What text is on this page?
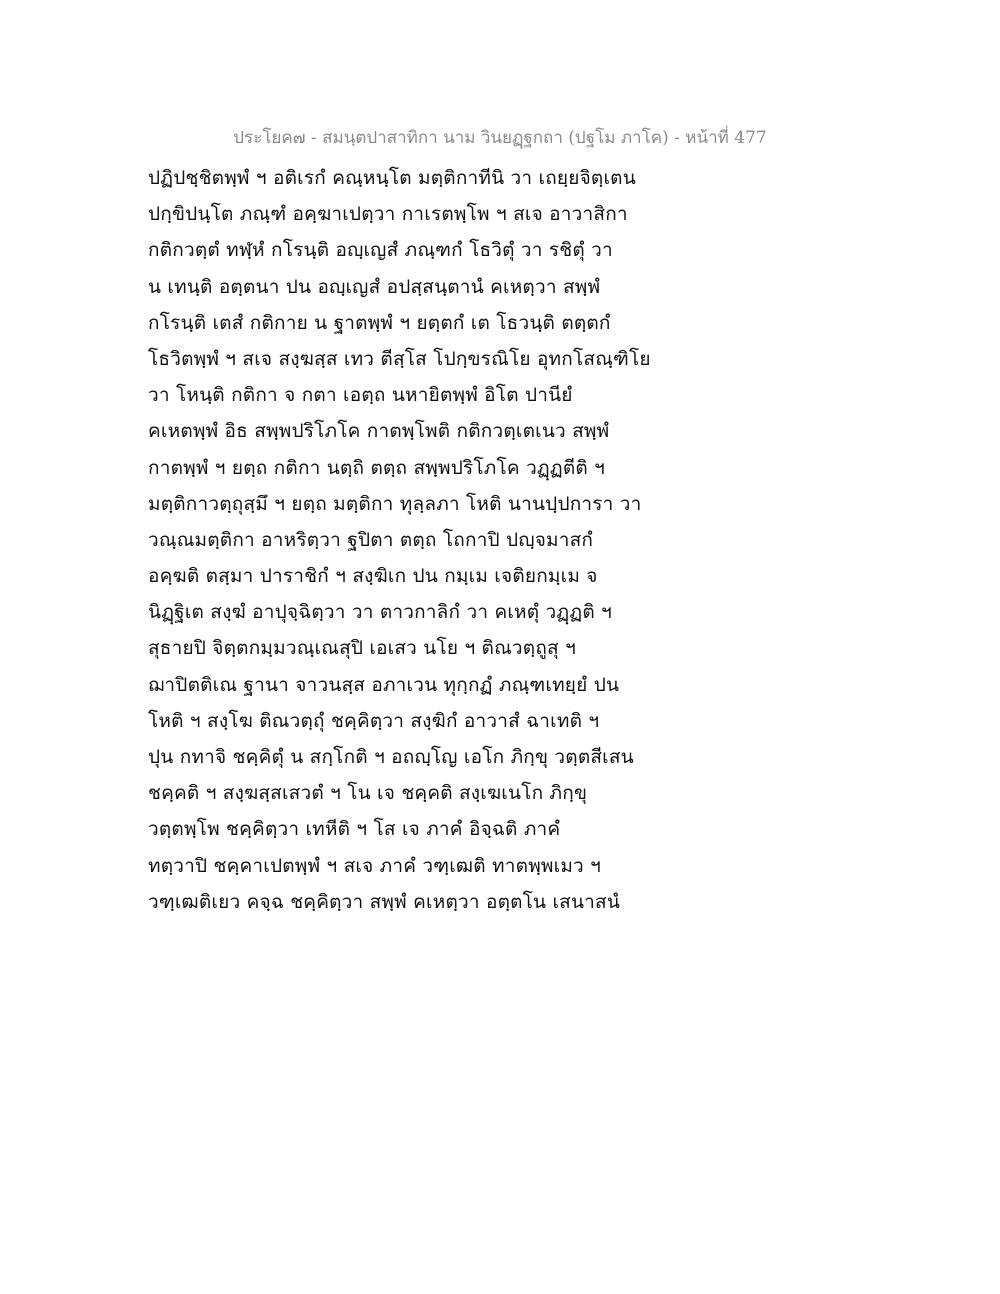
ประโยค๗ - สมนฺตปาสาทิกา นาม วินยฏฺฐกถา (ปฐโม ภาโค) - หน้าที่ 477
ปฏิปชฺชิตพฺพํ ฯ อติเรกํ คณฺหนฺโต มตฺติกาทีนิ วา เถยฺยจิตฺเตน
ปกฺขิปนฺโต ภณฺฑํ อคฺฆาเปตฺวา กาเรตพฺโพ ฯ สเจ อาวาสิกา
กติกวตฺตํ ทฬฺหํ กโรนฺติ อญฺเญสํ ภณฺฑกํ โธวิตุํ วา รชิตุํ วา
น เทนฺติ อตฺตนา ปน อญฺเญสํ อปสฺสนฺตานํ คเหตฺวา สพฺพํ
กโรนฺติ เตสํ กติกาย น ฐาตพฺพํ ฯ ยตฺตกํ เต โธวนฺติ ตตฺตกํ
โธวิตพฺพํ ฯ สเจ สงฺฆสฺส เทว ตีสฺโส โปกฺขรณิโย อุทกโสณฺฑิโย
วา โหนฺติ กติกา จ กตา เอตฺถ นหายิตพฺพํ อิโต ปานียํ
คเหตพฺพํ อิธ สพฺพปริโภโค กาตพฺโพติ กติกวตฺเตเนว สพฺพํ
กาตพฺพํ ฯ ยตฺถ กติกา นตฺถิ ตตฺถ สพฺพปริโภโค วฏฺฏตีติ ฯ
มตฺติกาวตฺถุสฺมึ ฯ ยตฺถ มตฺติกา ทุลฺลภา โหติ นานปฺปการา วา
วณฺณมตฺติกา อาหริตฺวา ฐปิตา ตตฺถ โถกาปิ ปญฺจมาสกํ
อคฺฆติ ตสฺมา ปาราชิกํ ฯ สงฺฆิเก ปน กมฺเม เจติยกมฺเม จ
นิฏฺฐิเต สงฺฆํ อาปุจฺฉิตฺวา วา ตาวกาลิกํ วา คเหตุํ วฏฺฏติ ฯ
สุธายปิ จิตฺตกมฺมวณฺเณสุปิ เอเสว นโย ฯ ติณวตฺถูสุ ฯ
ฌาปิตติเณ ฐานา จาวนสฺส อภาเวน ทุกฺกฏํ ภณฺฑเทยฺยํ ปน
โหติ ฯ สงฺโฆ ติณวตฺถุํ ชคฺคิตฺวา สงฺฆิกํ อาวาสํ ฉาเทติ ฯ
ปุน กทาจิ ชคฺคิตุํ น สกฺโกติ ฯ อถญฺโญ เอโก ภิกฺขุ วตฺตสีเสน
ชคฺคติ ฯ สงฺฆสฺสเสวตํ ฯ โน เจ ชคฺคติ สงฺเฆเนโก ภิกฺขุ
วตฺตพฺโพ ชคฺคิตฺวา เทหีติ ฯ โส เจ ภาคํ อิจฺฉติ ภาคํ
ทตฺวาปิ ชคฺคาเปตพฺพํ ฯ สเจ ภาคํ วฑฺเฒติ ทาตพฺพเมว ฯ
วฑฺเฒติเยว คจฺฉ ชคฺคิตฺวา สพฺพํ คเหตฺวา อตฺตโน เสนาสนํ
